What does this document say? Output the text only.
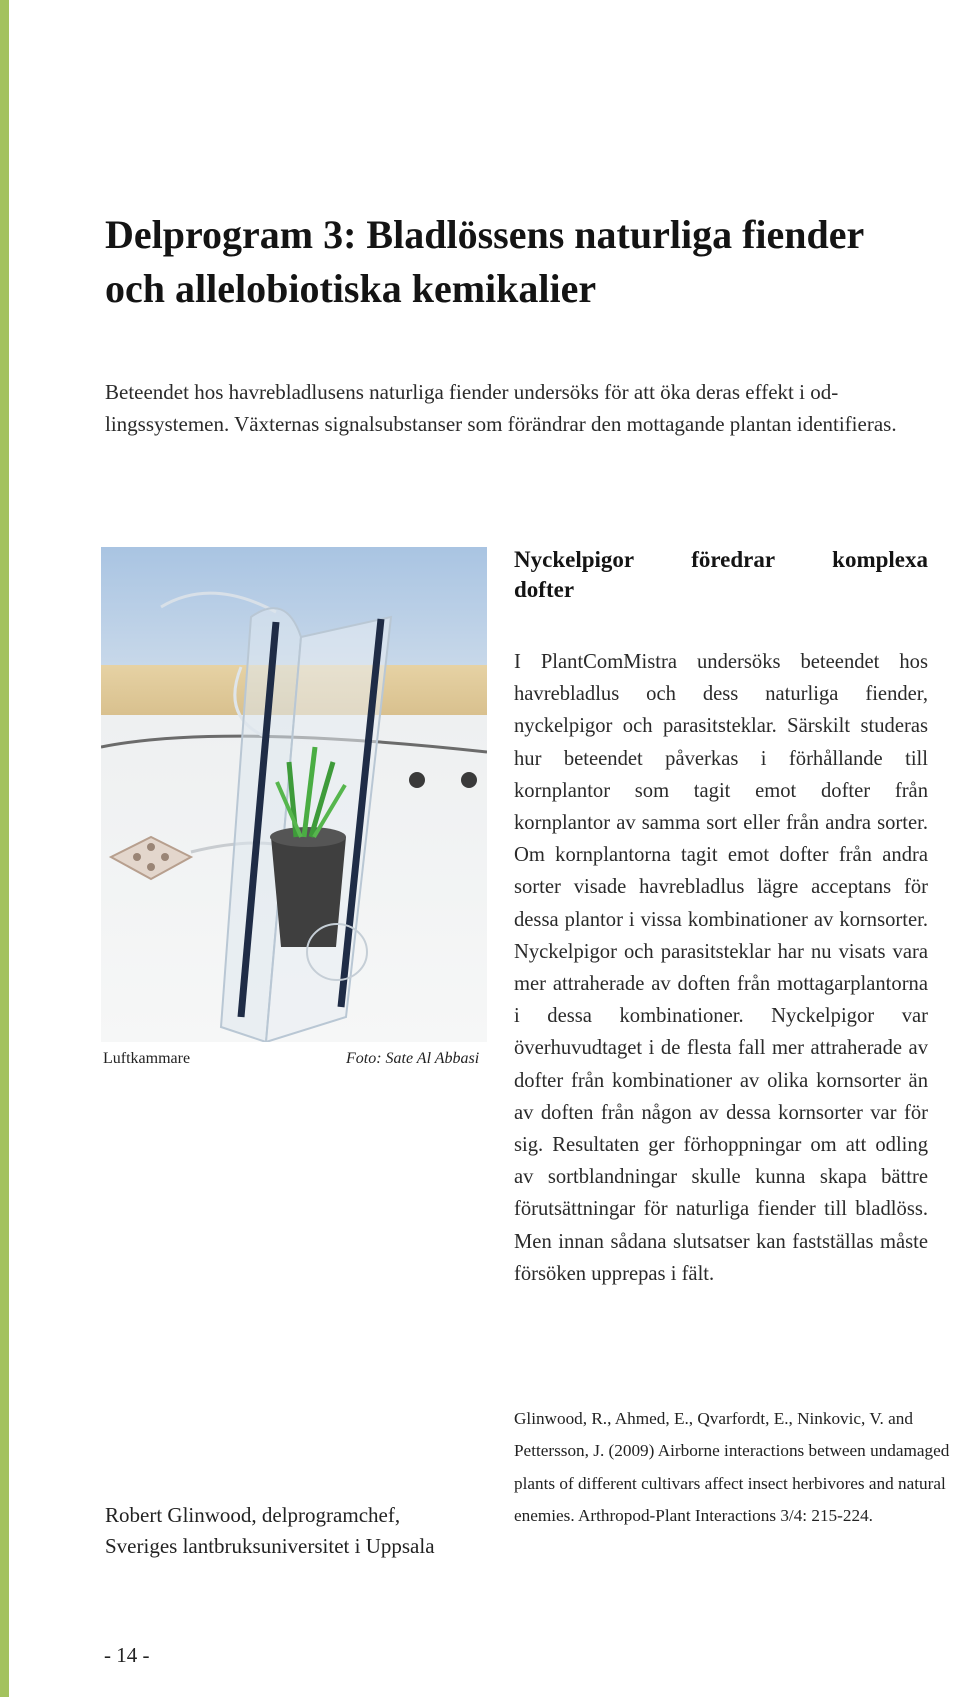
Delprogram 3: Bladlössens naturliga fiender
och allelobiotiska kemikalier

Beteendet hos havrebladlusens naturliga fiender undersöks för att öka deras effekt i odlingssystemen. Växternas signalsubstanser som förändrar den mottagande plantan identifieras.

Luftkammare	Foto: Sate Al Abbasi

Nyckelpigor föredrar komplexa
dofter

I PlantComMistra undersöks beteendet hos havrebladlus och dess naturliga fiender, nyckelpigor och parasitsteklar. Särskilt studeras hur beteendet påverkas i förhållande till kornplantor som tagit emot dofter från kornplantor av samma sort eller från andra sorter. Om kornplantorna tagit emot dofter från andra sorter visade havrebladlus lägre acceptans för dessa plantor i vissa kombinationer av kornsorter. Nyckelpigor och parasitsteklar har nu visats vara mer attraherade av doften från mottagarplantorna i dessa kombinationer. Nyckelpigor var överhuvudtaget i de flesta fall mer attraherade av dofter från kombinationer av olika kornsorter än av doften från någon av dessa kornsorter var för sig. Resultaten ger förhoppningar om att odling av sortblandningar skulle kunna skapa bättre förutsättningar för naturliga fiender till bladlöss. Men innan sådana slutsatser kan fastställas måste försöken upprepas i fält.

Robert Glinwood, delprogramchef,
Sveriges lantbruksuniversitet i Uppsala

Glinwood, R., Ahmed, E., Qvarfordt, E., Ninkovic, V. and Pettersson, J. (2009) Airborne interactions between undamaged plants of different cultivars affect insect herbivores and natural enemies. Arthropod-Plant Interactions 3/4: 215-224.

- 14 -
